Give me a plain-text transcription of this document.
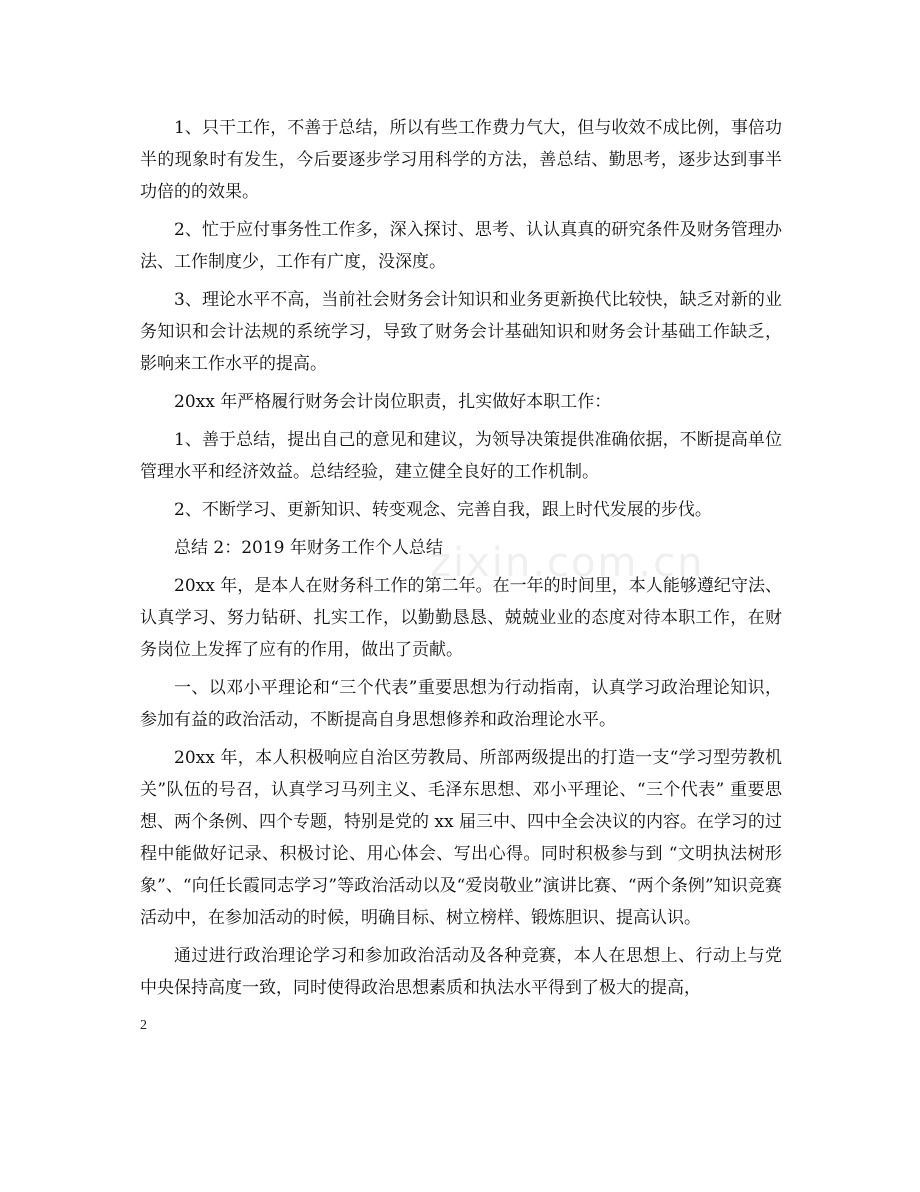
1、只干工作，不善于总结，所以有些工作费力气大，但与收效不成比例，事倍功半的现象时有发生，今后要逐步学习用科学的方法，善总结、勤思考，逐步达到事半功倍的的效果。

2、忙于应付事务性工作多，深入探讨、思考、认认真真的研究条件及财务管理办法、工作制度少，工作有广度，没深度。

3、理论水平不高，当前社会财务会计知识和业务更新换代比较快，缺乏对新的业务知识和会计法规的系统学习，导致了财务会计基础知识和财务会计基础工作缺乏，影响来工作水平的提高。

20xx 年严格履行财务会计岗位职责，扎实做好本职工作：

1、善于总结，提出自己的意见和建议，为领导决策提供准确依据，不断提高单位管理水平和经济效益。总结经验，建立健全良好的工作机制。

2、不断学习、更新知识、转变观念、完善自我，跟上时代发展的步伐。

总结 2：2019 年财务工作个人总结

20xx 年，是本人在财务科工作的第二年。在一年的时间里，本人能够遵纪守法、认真学习、努力钻研、扎实工作，以勤勤恳恳、兢兢业业的态度对待本职工作，在财务岗位上发挥了应有的作用，做出了贡献。

一、以邓小平理论和“三个代表”重要思想为行动指南，认真学习政治理论知识，参加有益的政治活动，不断提高自身思想修养和政治理论水平。

20xx 年，本人积极响应自治区劳教局、所部两级提出的打造一支“学习型劳教机关”队伍的号召，认真学习马列主义、毛泽东思想、邓小平理论、“三个代表” 重要思想、两个条例、四个专题，特别是党的 xx 届三中、四中全会决议的内容。在学习的过程中能做好记录、积极讨论、用心体会、写出心得。同时积极参与到 “文明执法树形象”、“向任长霞同志学习”等政治活动以及“爱岗敬业”演讲比赛、“两个条例”知识竞赛活动中，在参加活动的时候，明确目标、树立榜样、锻炼胆识、提高认识。

通过进行政治理论学习和参加政治活动及各种竞赛，本人在思想上、行动上与党中央保持高度一致，同时使得政治思想素质和执法水平得到了极大的提高，

zixin.com.cn
2
